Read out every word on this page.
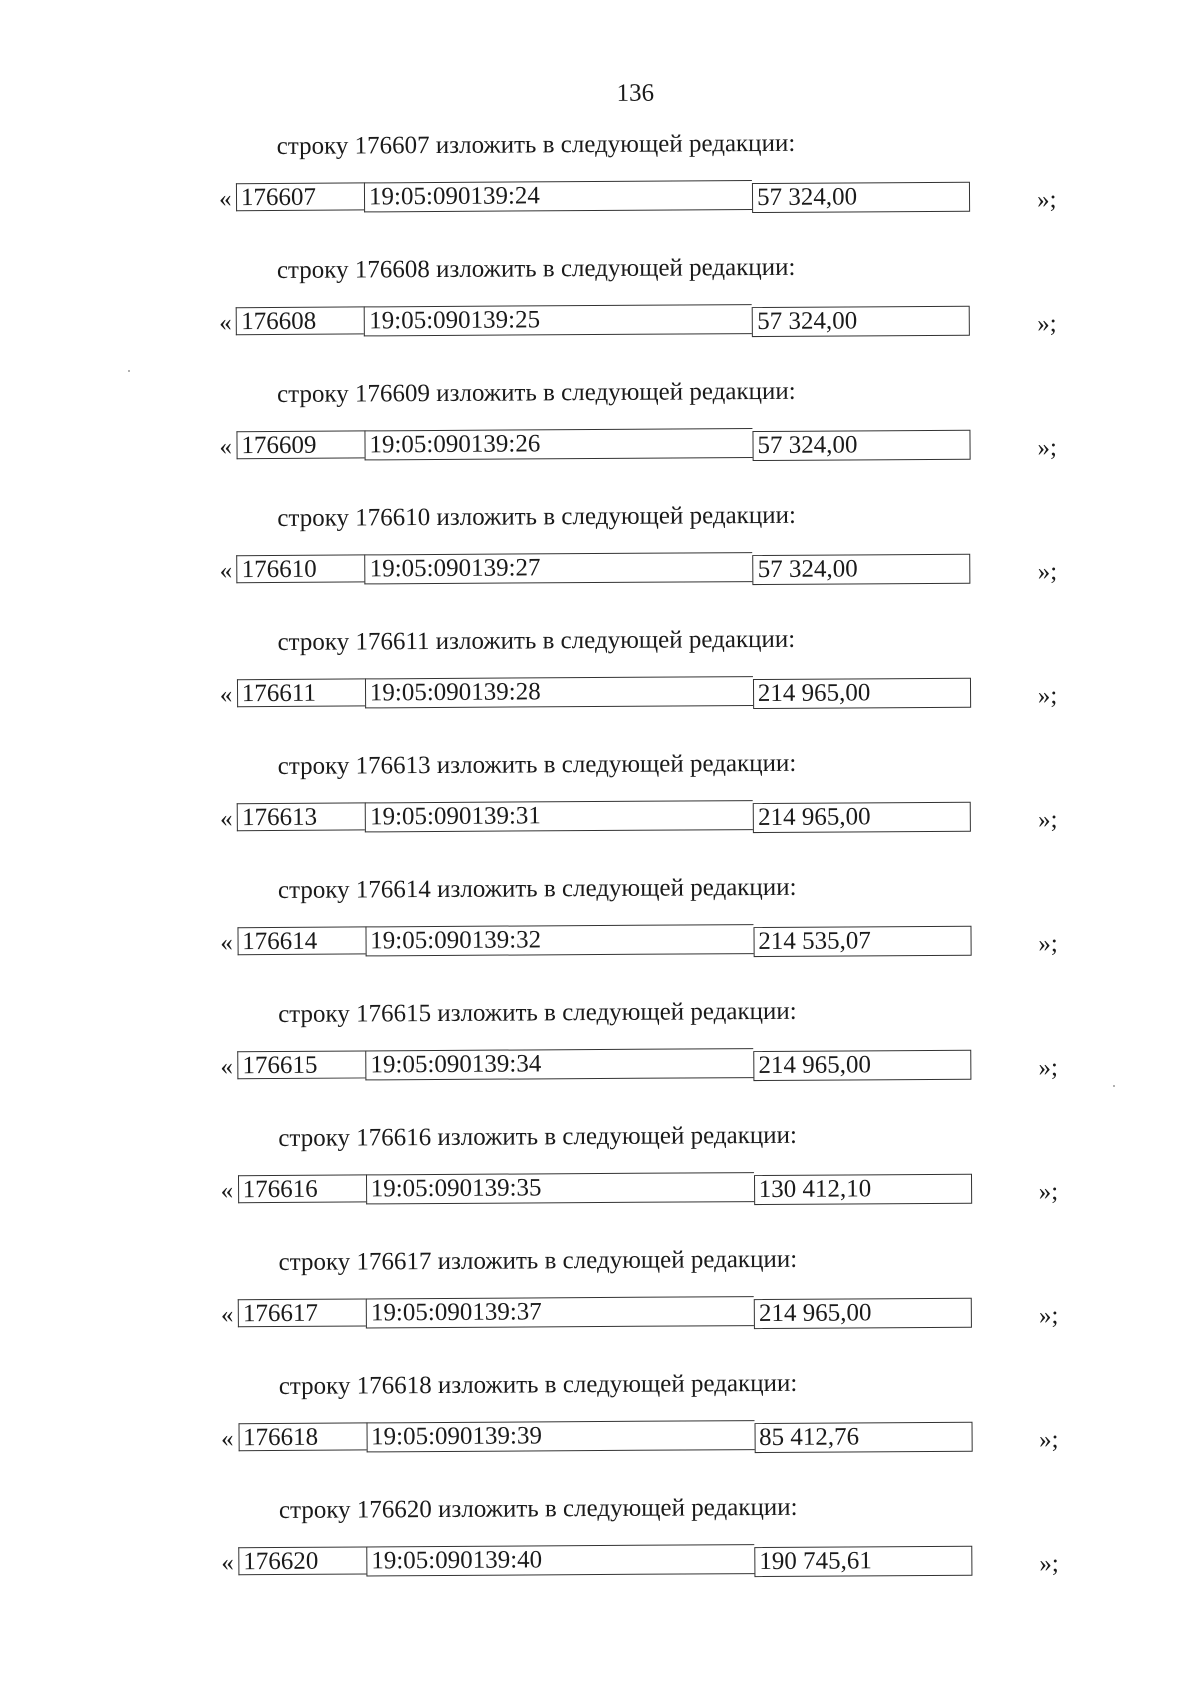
136
строку 176607 изложить в следующей редакции:
« 176607	19:05:090139:24	57 324,00	»;
строку 176608 изложить в следующей редакции:
« 176608	19:05:090139:25	57 324,00	»;
строку 176609 изложить в следующей редакции:
« 176609	19:05:090139:26	57 324,00	»;
строку 176610 изложить в следующей редакции:
« 176610	19:05:090139:27	57 324,00	»;
строку 176611 изложить в следующей редакции:
« 176611	19:05:090139:28	214 965,00	»;
строку 176613 изложить в следующей редакции:
« 176613	19:05:090139:31	214 965,00	»;
строку 176614 изложить в следующей редакции:
« 176614	19:05:090139:32	214 535,07	»;
строку 176615 изложить в следующей редакции:
« 176615	19:05:090139:34	214 965,00	»;
строку 176616 изложить в следующей редакции:
« 176616	19:05:090139:35	130 412,10	»;
строку 176617 изложить в следующей редакции:
« 176617	19:05:090139:37	214 965,00	»;
строку 176618 изложить в следующей редакции:
« 176618	19:05:090139:39	85 412,76	»;
строку 176620 изложить в следующей редакции:
« 176620	19:05:090139:40	190 745,61	»;
